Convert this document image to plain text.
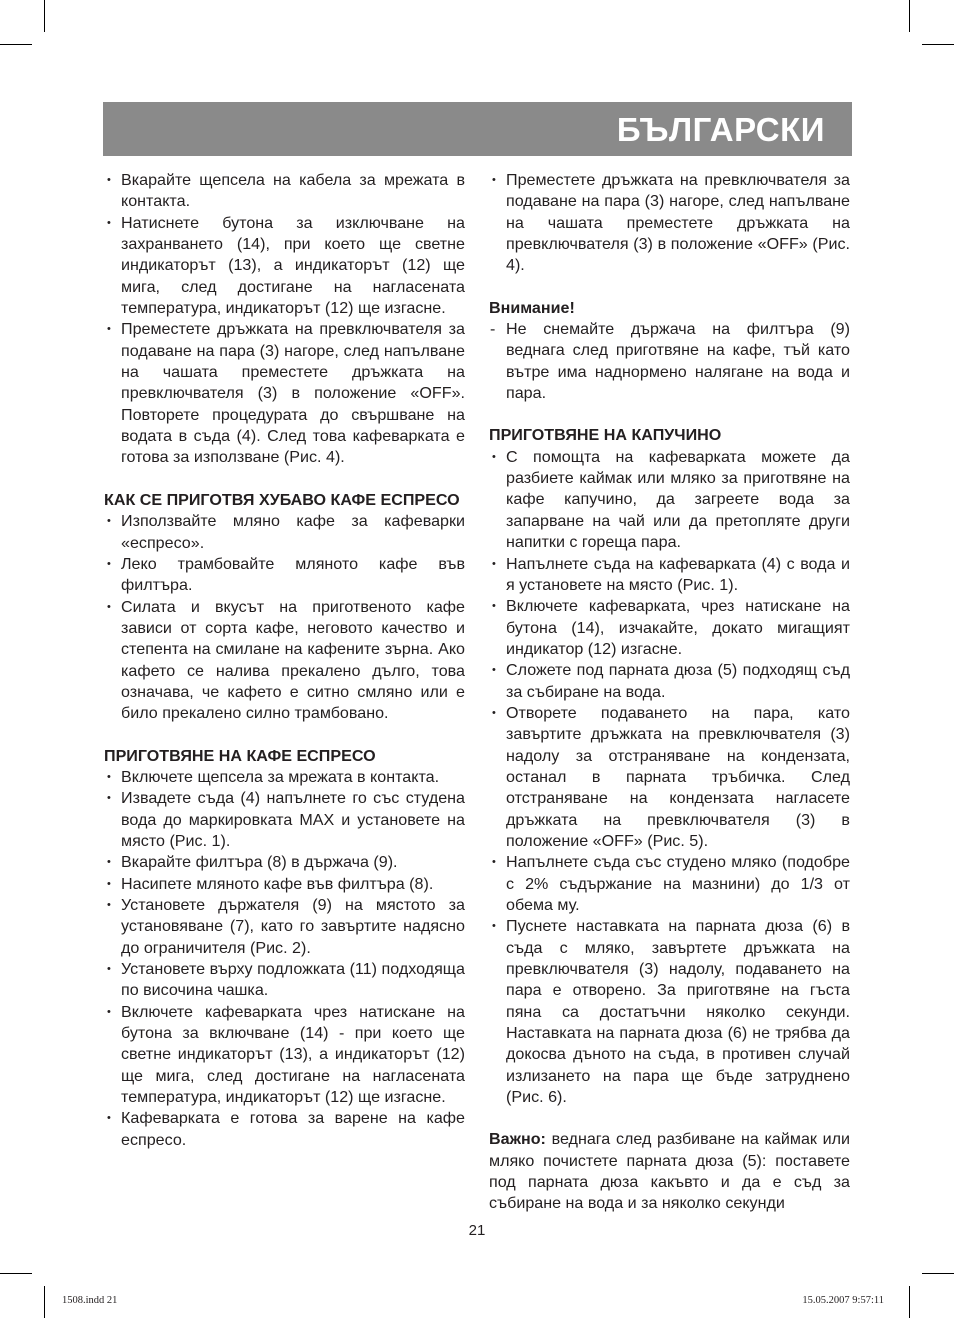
БЪЛГАРСКИ
• Вкарайте щепсела на кабела за мрежата в контакта.
• Натиснете бутона за изключване на захранването (14), при което ще светне индикаторът (13), а индикаторът (12) ще мига, след достигане на нагласената температура, индикаторът (12) ще изгасне.
• Преместете дръжката на превключвателя за подаване на пара (3) нагоре, след напълване на чашата преместете дръжката на превключвателя (3) в положение «OFF». Повторете процедурата до свършване на водата в съда (4). След това кафеварката е готова за използване (Рис. 4).
КАК СЕ ПРИГОТВЯ ХУБАВО КАФЕ ЕСПРЕСО
• Използвайте мляно кафе за кафеварки «еспресо».
• Леко трамбовайте мляното кафе във филтъра.
• Силата и вкусът на приготвеното кафе зависи от сорта кафе, неговото качество и степента на смилане на кафените зърна. Ако кафето се налива прекалено дълго, това означава, че кафето е ситно смляно или е било прекалено силно трамбовано.
ПРИГОТВЯНЕ НА КАФЕ ЕСПРЕСО
• Включете щепсела за мрежата в контакта.
• Извадете съда (4) напълнете го със студена вода до маркировката MAX и установете на място (Рис. 1).
• Вкарайте филтъра (8) в държача (9).
• Насипете мляното кафе във филтъра (8).
• Установете държателя (9) на мястото за установяване (7), като го завъртите надясно до ограничителя (Рис. 2).
• Установете върху подложката (11) подходяща по височина чашка.
• Включете кафеварката чрез натискане на бутона за включване (14) - при което ще светне индикаторът (13), а индикаторът (12) ще мига, след достигане на нагласената температура, индикаторът (12) ще изгасне.
• Кафеварката е готова за варене на кафе еспресо.
• Преместете дръжката на превключвателя за подаване на пара (3) нагоре, след напълване на чашата преместете дръжката на превключвателя (3) в положение «OFF» (Рис. 4).
Внимание!
- Не снемайте държача на филтъра (9) веднага след приготвяне на кафе, тъй като вътре има наднормено налягане на вода и пара.
ПРИГОТВЯНЕ НА КАПУЧИНО
• С помощта на кафеварката можете да разбиете каймак или мляко за приготвяне на кафе капучино, да загреете вода за запарване на чай или да претопляте други напитки с гореща пара.
• Напълнете съда на кафеварката (4) с вода и я установете на място (Рис. 1).
• Включете кафеварката, чрез натискане на бутона (14), изчакайте, докато мигащият индикатор (12) изгасне.
• Сложете под парната дюза (5) подходящ съд за събиране на вода.
• Отворете подаването на пара, като завъртите дръжката на превключвателя (3) надолу за отстраняване на кондензата, останал в парната тръбичка. След отстраняване на кондензата нагласете дръжката на превключвателя (3) в положение «OFF» (Рис. 5).
• Напълнете съда със студено мляко (подобре с 2% съдържание на мазнини) до 1/3 от обема му.
• Пуснете наставката на парната дюза (6) в съда с мляко, завъртете дръжката на превключвателя (3) надолу, подаването на пара е отворено. За приготвяне на гъста пяна са достатъчни няколко секунди. Наставката на парната дюза (6) не трябва да докосва дъното на съда, в противен случай излизането на пара ще бъде затруднено (Рис. 6).
Важно: веднага след разбиване на каймак или мляко почистете парната дюза (5): поставете под парната дюза какъвто и да е съд за събиране на вода и за няколко секунди
21
1508.indd 21	15.05.2007 9:57:11
